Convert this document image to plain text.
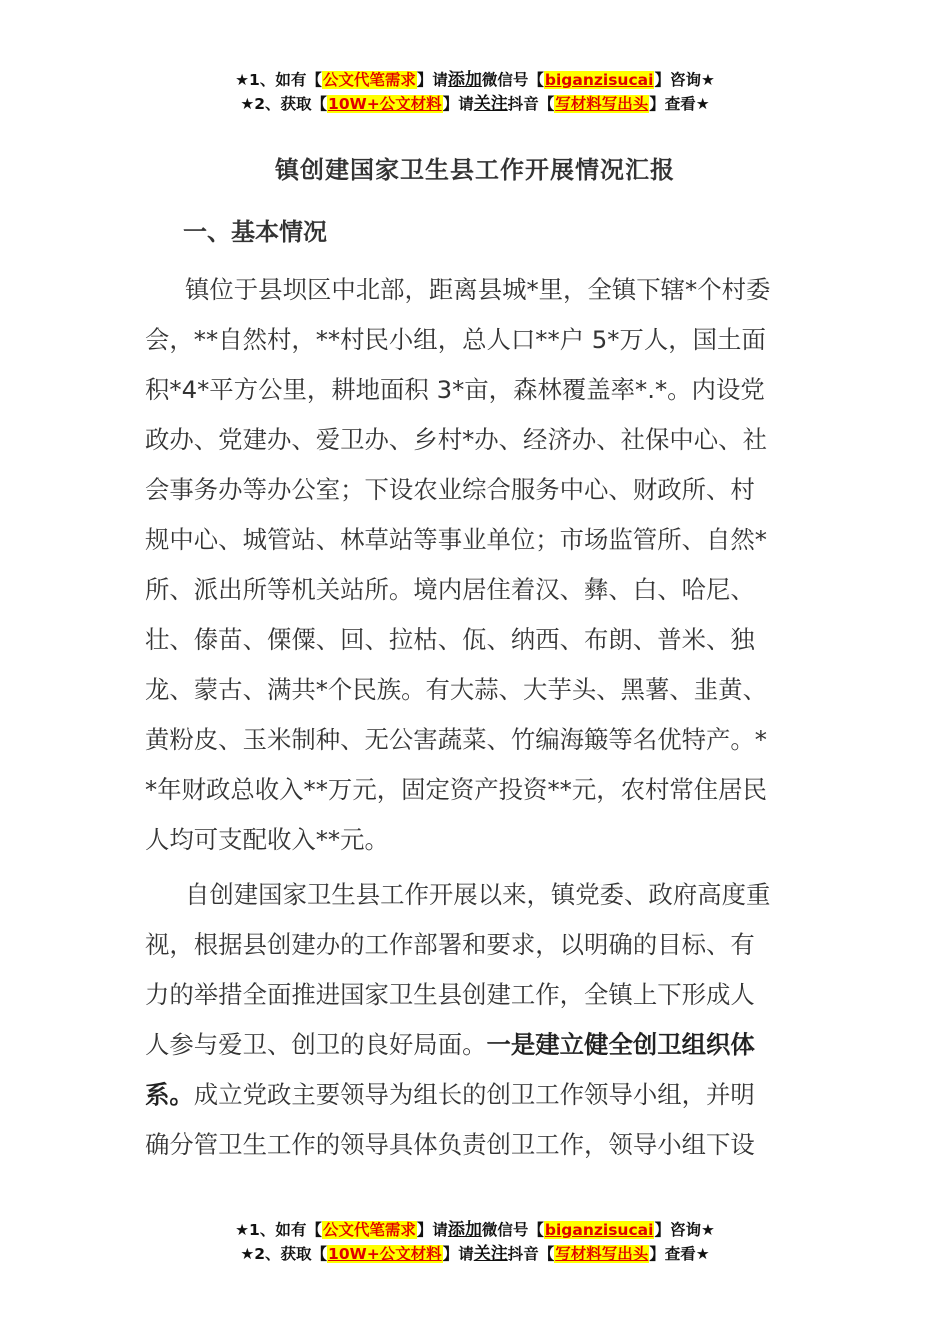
★1、如有【公文代笔需求】请添加微信号【biganzisucai】咨询★
★2、获取【10W+公文材料】请关注抖音【写材料写出头】查看★
镇创建国家卫生县工作开展情况汇报
一、基本情况
镇位于县坝区中北部，距离县城*里，全镇下辖*个村委
会，**自然村，**村民小组，总人口**户 5*万人，国土面
积*4*平方公里，耕地面积 3*亩，森林覆盖率*.*。内设党
政办、党建办、爱卫办、乡村*办、经济办、社保中心、社
会事务办等办公室；下设农业综合服务中心、财政所、村
规中心、城管站、林草站等事业单位；市场监管所、自然*
所、派出所等机关站所。境内居住着汉、彝、白、哈尼、
壮、傣苗、傈僳、回、拉枯、佤、纳西、布朗、普米、独
龙、蒙古、满共*个民族。有大蒜、大芋头、黑薯、韭黄、
黄粉皮、玉米制种、无公害蔬菜、竹编海簸等名优特产。*
*年财政总收入**万元，固定资产投资**元，农村常住居民
人均可支配收入**元。
自创建国家卫生县工作开展以来，镇党委、政府高度重
视，根据县创建办的工作部署和要求，以明确的目标、有
力的举措全面推进国家卫生县创建工作，全镇上下形成人
人参与爱卫、创卫的良好局面。一是建立健全创卫组织体
系。成立党政主要领导为组长的创卫工作领导小组，并明
确分管卫生工作的领导具体负责创卫工作，领导小组下设
★1、如有【公文代笔需求】请添加微信号【biganzisucai】咨询★
★2、获取【10W+公文材料】请关注抖音【写材料写出头】查看★
